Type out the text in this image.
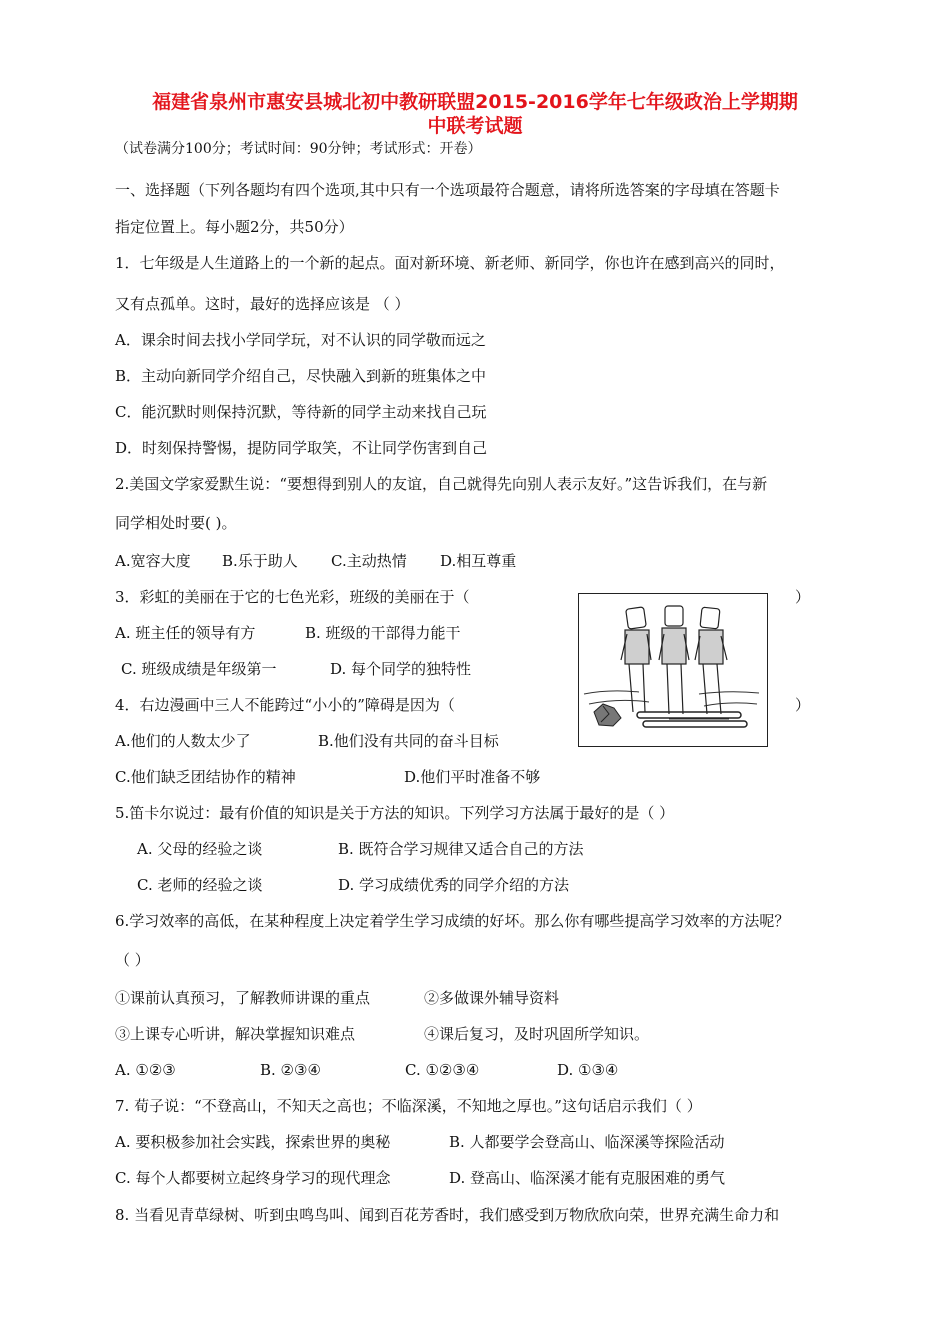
福建省泉州市惠安县城北初中教研联盟2015-2016学年七年级政治上学期期
中联考试题
（试卷满分100分；考试时间：90分钟；考试形式：开卷）
一、选择题（下列各题均有四个选项,其中只有一个选项最符合题意，请将所选答案的字母填在答题卡
指定位置上。每小题2分，共50分）
1．七年级是人生道路上的一个新的起点。面对新环境、新老师、新同学，你也许在感到高兴的同时，
又有点孤单。这时，最好的选择应该是 （ ）
A．课余时间去找小学同学玩，对不认识的同学敬而远之
B．主动向新同学介绍自己，尽快融入到新的班集体之中
C．能沉默时则保持沉默，等待新的同学主动来找自己玩
D．时刻保持警惕，提防同学取笑，不让同学伤害到自己
2.美国文学家爱默生说：“要想得到别人的友谊，自己就得先向别人表示友好。”这告诉我们，在与新
同学相处时要( )。
A.宽容大度 B.乐于助人 C.主动热情 D.相互尊重
3．彩虹的美丽在于它的七色光彩，班级的美丽在于（	）
A. 班主任的领导有方	B. 班级的干部得力能干
C. 班级成绩是年级第一	D. 每个同学的独特性
4．右边漫画中三人不能跨过“小小的”障碍是因为（	）
A.他们的人数太少了	B.他们没有共同的奋斗目标
C.他们缺乏团结协作的精神	D.他们平时准备不够
5.笛卡尔说过：最有价值的知识是关于方法的知识。下列学习方法属于最好的是（ ）
A. 父母的经验之谈	B. 既符合学习规律又适合自己的方法
C. 老师的经验之谈	D. 学习成绩优秀的同学介绍的方法
6.学习效率的高低，在某种程度上决定着学生学习成绩的好坏。那么你有哪些提高学习效率的方法呢？
（ ）
①课前认真预习，了解教师讲课的重点	②多做课外辅导资料
③上课专心听讲，解决掌握知识难点	④课后复习，及时巩固所学知识。
A. ①②③	B. ②③④	C. ①②③④	D. ①③④
7. 荀子说：“不登高山，不知天之高也；不临深溪，不知地之厚也。”这句话启示我们（ ）
A. 要积极参加社会实践，探索世界的奥秘	B. 人都要学会登高山、临深溪等探险活动
C. 每个人都要树立起终身学习的现代理念	D. 登高山、临深溪才能有克服困难的勇气
8. 当看见青草绿树、听到虫鸣鸟叫、闻到百花芳香时，我们感受到万物欣欣向荣，世界充满生命力和
